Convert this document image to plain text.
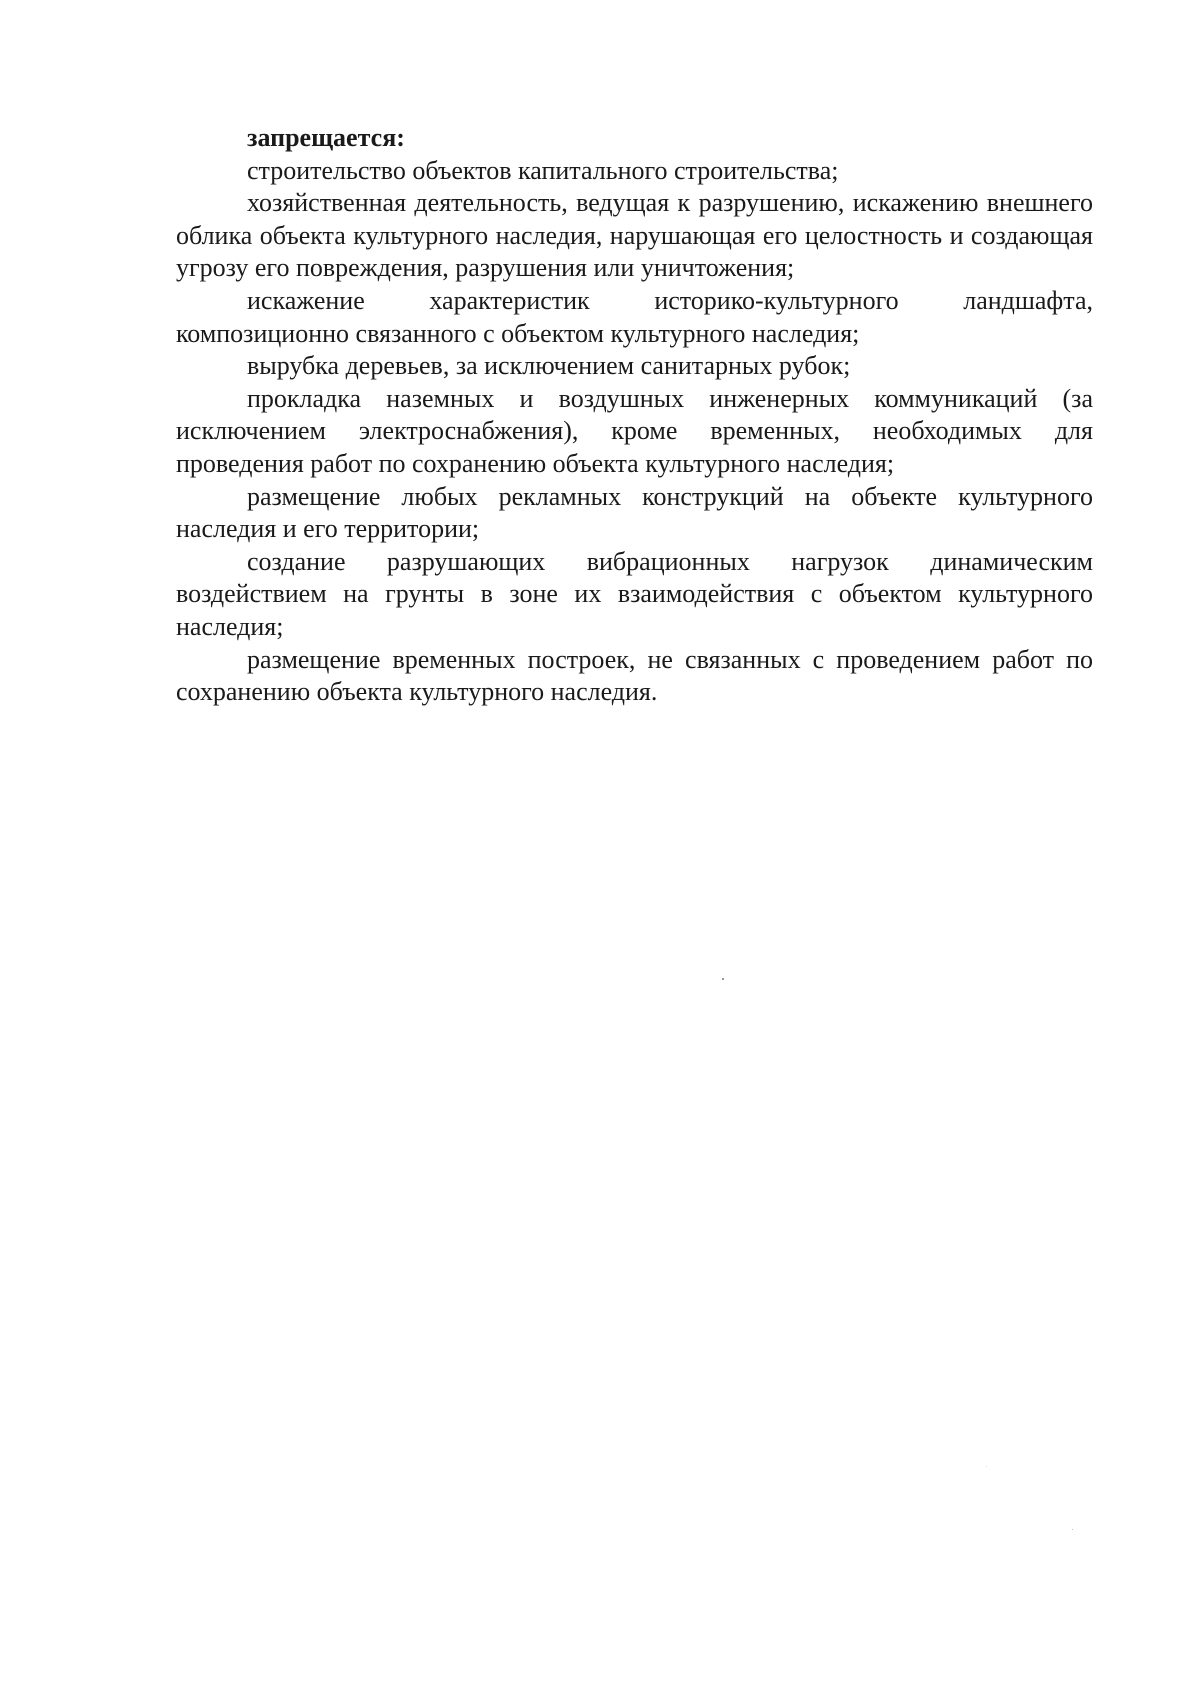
запрещается:

строительство объектов капитального строительства;

хозяйственная деятельность, ведущая к разрушению, искажению внешнего облика объекта культурного наследия, нарушающая его целостность и создающая угрозу его повреждения, разрушения или уничтожения;

искажение характеристик историко-культурного ландшафта, композиционно связанного с объектом культурного наследия;

вырубка деревьев, за исключением санитарных рубок;

прокладка наземных и воздушных инженерных коммуникаций (за исключением электроснабжения), кроме временных, необходимых для проведения работ по сохранению объекта культурного наследия;

размещение любых рекламных конструкций на объекте культурного наследия и его территории;

создание разрушающих вибрационных нагрузок динамическим воздействием на грунты в зоне их взаимодействия с объектом культурного наследия;

размещение временных построек, не связанных с проведением работ по сохранению объекта культурного наследия.
